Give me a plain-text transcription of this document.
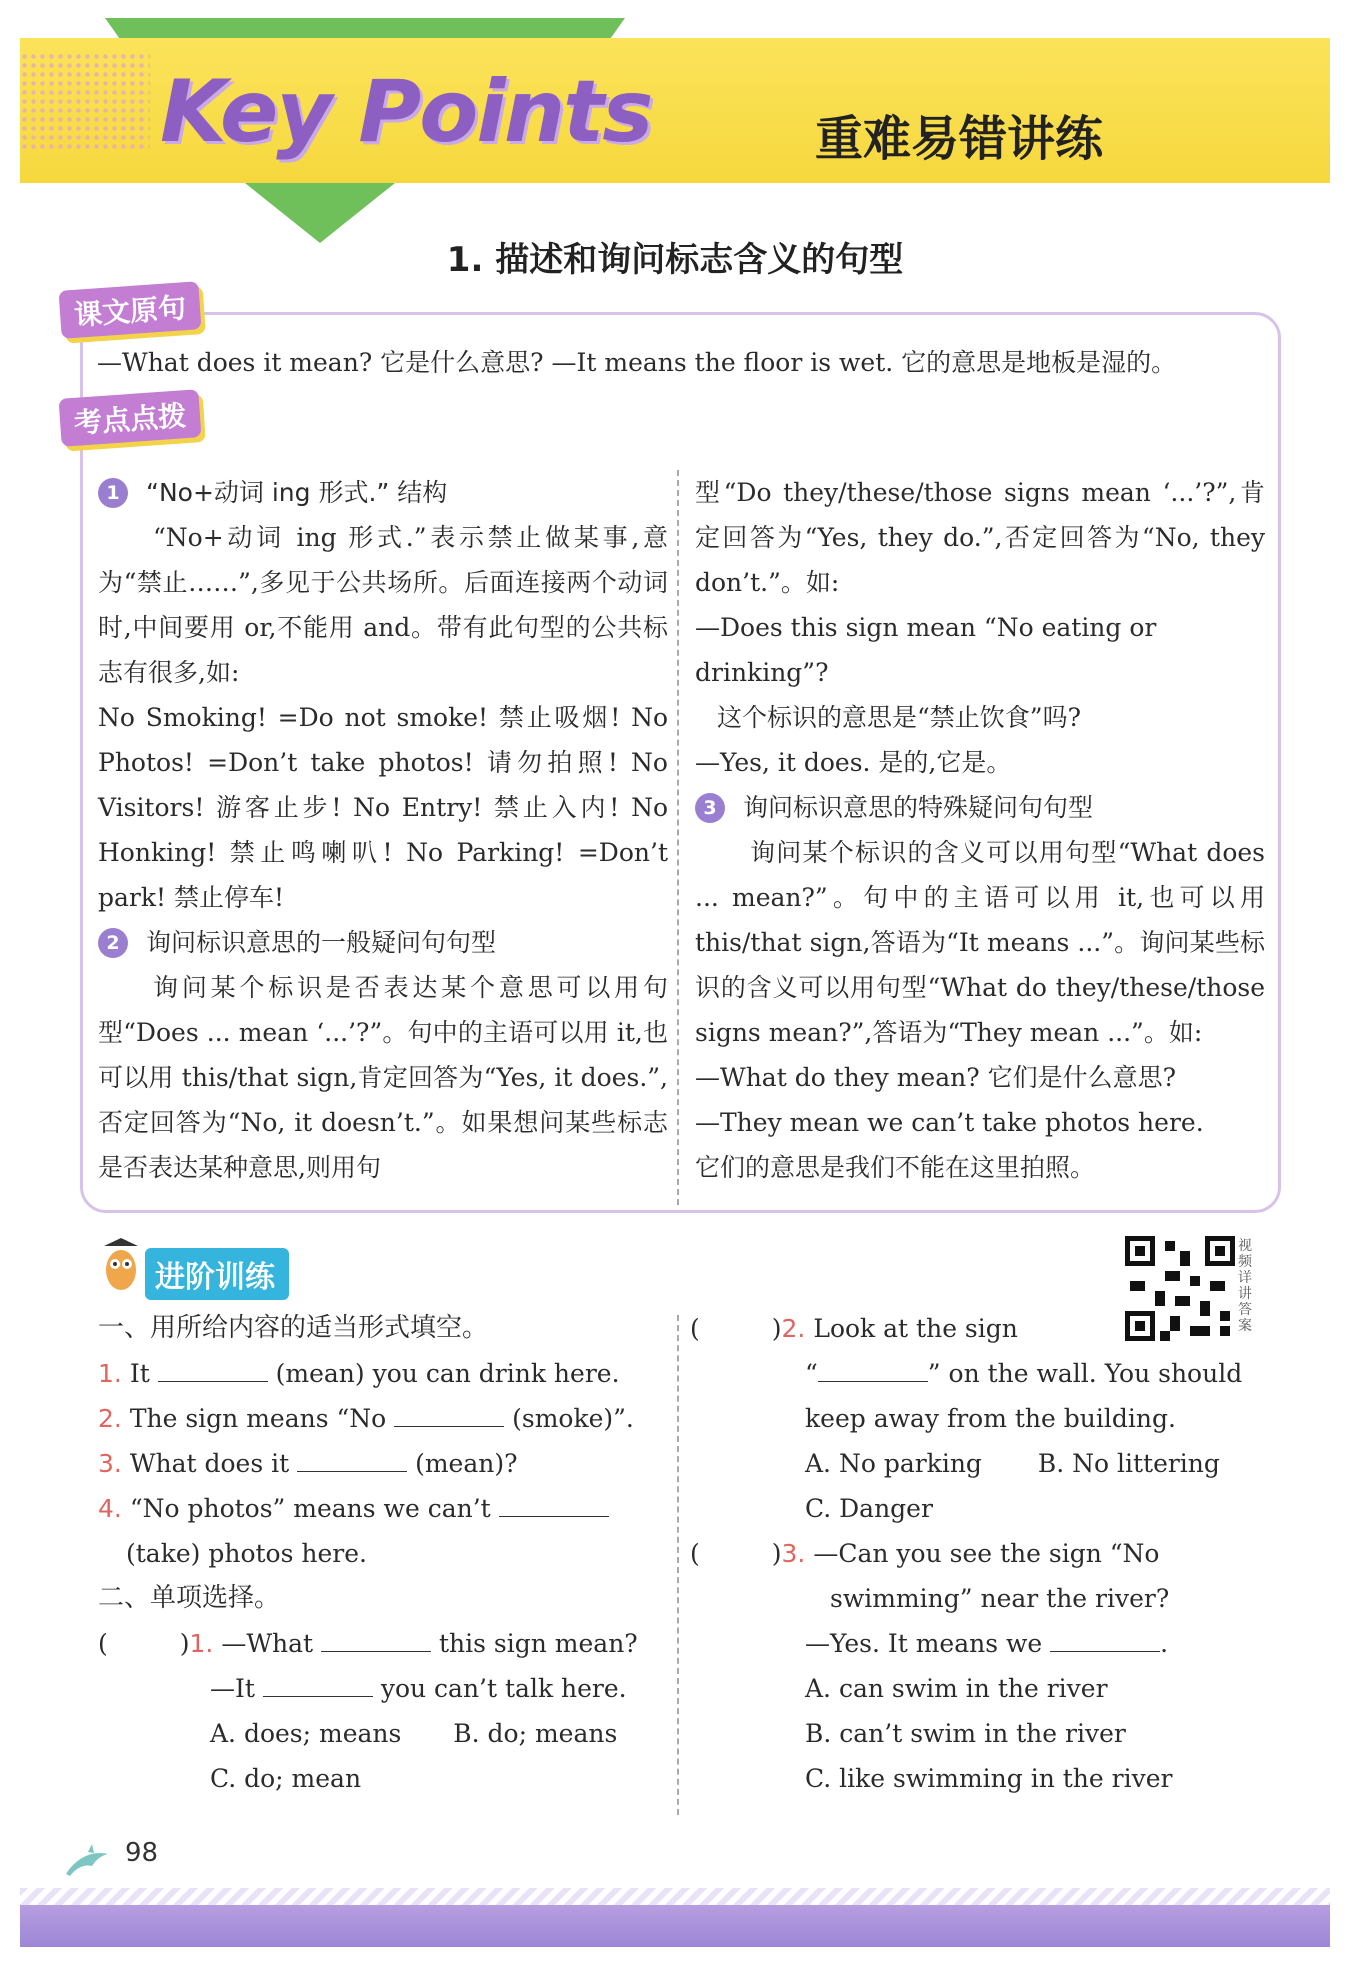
Key Points	重难易错讲练
1. 描述和询问标志含义的句型
课文原句
—What does it mean? 它是什么意思? —It means the floor is wet. 它的意思是地板是湿的。
考点点拨
1	“No+动词 ing 形式.” 结构
“No+动词 ing 形式.”表示禁止做某事,意为“禁止……”,多见于公共场所。后面连接两个动词时,中间要用 or,不能用 and。带有此句型的公共标志有很多,如:
No Smoking! =Do not smoke! 禁止吸烟! No Photos! =Don’t take photos! 请勿拍照! No Visitors! 游客止步! No Entry! 禁止入内! No Honking! 禁止鸣喇叭! No Parking! =Don’t park! 禁止停车!
2	询问标识意思的一般疑问句句型
询问某个标识是否表达某个意思可以用句型“Does ... mean ‘...’?”。句中的主语可以用 it,也可以用 this/that sign,肯定回答为“Yes, it does.”,否定回答为“No, it doesn’t.”。如果想问某些标志是否表达某种意思,则用句
型“Do they/these/those signs mean ‘...’?”,肯定回答为“Yes, they do.”,否定回答为“No, they don’t.”。如:
—Does this sign mean “No eating or drinking”?
这个标识的意思是“禁止饮食”吗?
—Yes, it does. 是的,它是。
3	询问标识意思的特殊疑问句句型
询问某个标识的含义可以用句型“What does ... mean?”。句中的主语可以用 it,也可以用 this/that sign,答语为“It means ...”。询问某些标识的含义可以用句型“What do they/these/those signs mean?”,答语为“They mean ...”。如:
—What do they mean? 它们是什么意思?
—They mean we can’t take photos here.
它们的意思是我们不能在这里拍照。
进阶训练
视频详讲答案
一、用所给内容的适当形式填空。
1. It	(mean) you can drink here.
2. The sign means “No	(smoke)”.
3. What does it	(mean)?
4. “No photos” means we can’t
(take) photos here.
二、单项选择。
(	)1. —What	this sign mean?
—It	you can’t talk here.
A. does; means B. do; means
C. do; mean
(	)2. Look at the sign
“	” on the wall. You should
keep away from the building.
A. No parking B. No littering
C. Danger
(	)3. —Can you see the sign “No
swimming” near the river?
—Yes. It means we	.
A. can swim in the river
B. can’t swim in the river
C. like swimming in the river
98
